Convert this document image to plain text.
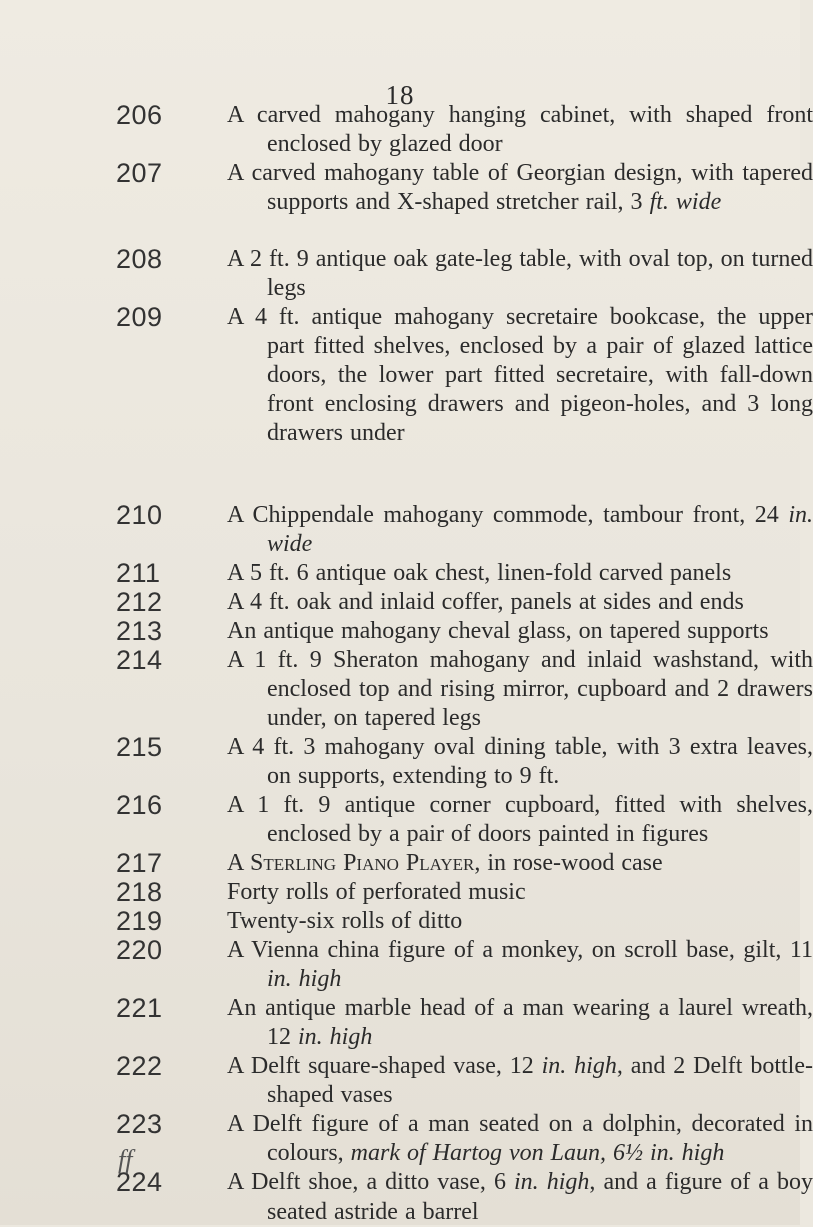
18
206	A carved mahogany hanging cabinet, with shaped front enclosed by glazed door
207	A carved mahogany table of Georgian design, with tapered supports and X-shaped stretcher rail, 3 ft. wide
208	A 2 ft. 9 antique oak gate-leg table, with oval top, on turned legs
209	A 4 ft. antique mahogany secretaire bookcase, the upper part fitted shelves, enclosed by a pair of glazed lattice doors, the lower part fitted secretaire, with fall-down front enclosing drawers and pigeon-holes, and 3 long drawers under
210	A Chippendale mahogany commode, tambour front, 24 in. wide
211	A 5 ft. 6 antique oak chest, linen-fold carved panels
212	A 4 ft. oak and inlaid coffer, panels at sides and ends
213	An antique mahogany cheval glass, on tapered supports
214	A 1 ft. 9 Sheraton mahogany and inlaid washstand, with enclosed top and rising mirror, cupboard and 2 drawers under, on tapered legs
215	A 4 ft. 3 mahogany oval dining table, with 3 extra leaves, on supports, extending to 9 ft.
216	A 1 ft. 9 antique corner cupboard, fitted with shelves, enclosed by a pair of doors painted in figures
217	A Sterling Piano Player, in rose-wood case
218	Forty rolls of perforated music
219	Twenty-six rolls of ditto
220	A Vienna china figure of a monkey, on scroll base, gilt, 11 in. high
221	An antique marble head of a man wearing a laurel wreath, 12 in. high
222	A Delft square-shaped vase, 12 in. high, and 2 Delft bottle-shaped vases
223	A Delft figure of a man seated on a dolphin, decorated in colours, mark of Hartog von Laun, 6½ in. high
224	A Delft shoe, a ditto vase, 6 in. high, and a figure of a boy seated astride a barrel
ff
